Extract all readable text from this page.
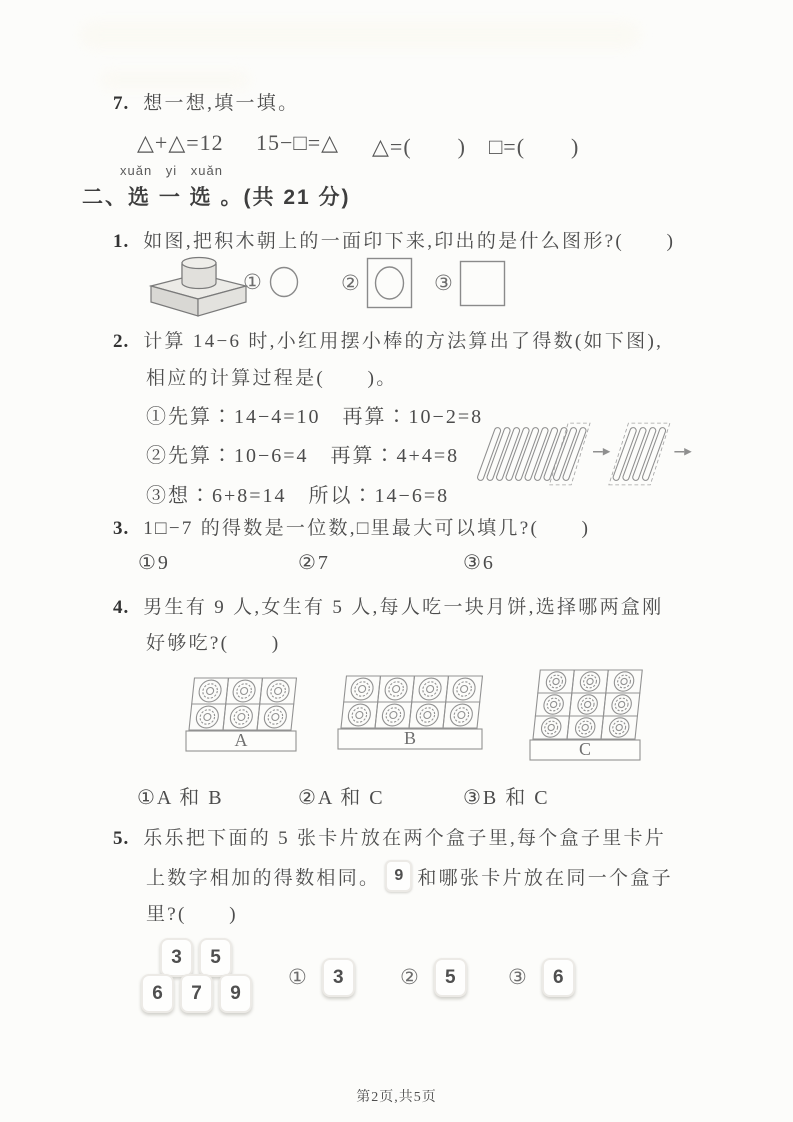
7. 想一想,填一填。
△+△=12 15−□=△ △=(　　) □=(　　)
xuǎn yi xuǎn
二、选 一 选 。(共 21 分)
1. 如图,把积木朝上的一面印下来,印出的是什么图形?(　　)
①	②	③
2. 计算 14−6 时,小红用摆小棒的方法算出了得数(如下图),
相应的计算过程是(　　)。
①先算∶14−4=10　再算∶10−2=8
②先算∶10−6=4　再算∶4+4=8
③想∶6+8=14　所以∶14−6=8
3. 1□−7 的得数是一位数,□里最大可以填几?(　　)
①9	②7	③6
4. 男生有 9 人,女生有 5 人,每人吃一块月饼,选择哪两盒刚
好够吃?(　　)
A	B
C
①A 和 B	②A 和 C	③B 和 C
5. 乐乐把下面的 5 张卡片放在两个盒子里,每个盒子里卡片
上数字相加的得数相同。 9 和哪张卡片放在同一个盒子
里?(　　)
3	5
6	7	9
①	3	②	5	③	6
第2页,共5页
